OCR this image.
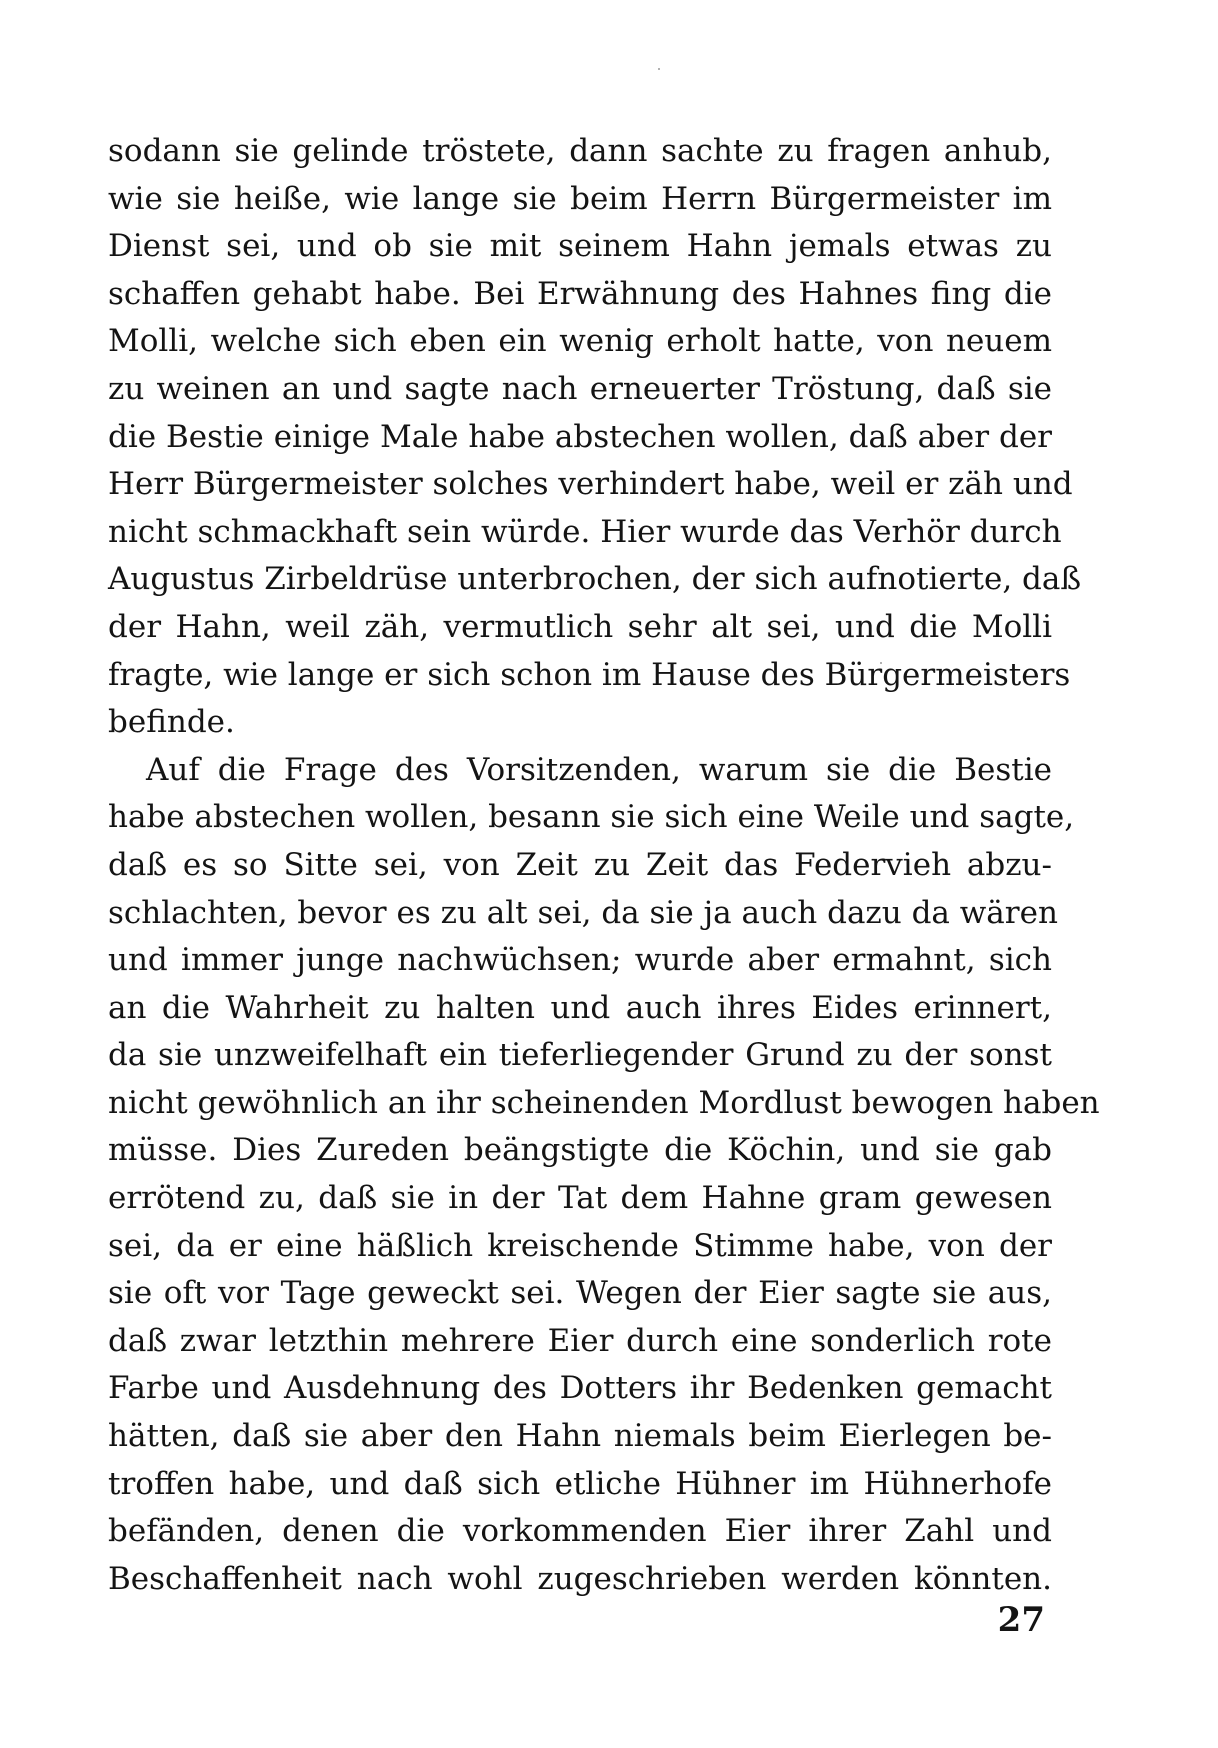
sodann sie gelinde tröstete, dann sachte zu fragen anhub,
wie sie heiße, wie lange sie beim Herrn Bürgermeister im
Dienst sei, und ob sie mit seinem Hahn jemals etwas zu
schaffen gehabt habe. Bei Erwähnung des Hahnes fing die
Molli, welche sich eben ein wenig erholt hatte, von neuem
zu weinen an und sagte nach erneuerter Tröstung, daß sie
die Bestie einige Male habe abstechen wollen, daß aber der
Herr Bürgermeister solches verhindert habe, weil er zäh und
nicht schmackhaft sein würde. Hier wurde das Verhör durch
Augustus Zirbeldrüse unterbrochen, der sich aufnotierte, daß
der Hahn, weil zäh, vermutlich sehr alt sei, und die Molli
fragte, wie lange er sich schon im Hause des Bürgermeisters
befinde.
Auf die Frage des Vorsitzenden, warum sie die Bestie
habe abstechen wollen, besann sie sich eine Weile und sagte,
daß es so Sitte sei, von Zeit zu Zeit das Federvieh abzu-
schlachten, bevor es zu alt sei, da sie ja auch dazu da wären
und immer junge nachwüchsen; wurde aber ermahnt, sich
an die Wahrheit zu halten und auch ihres Eides erinnert,
da sie unzweifelhaft ein tieferliegender Grund zu der sonst
nicht gewöhnlich an ihr scheinenden Mordlust bewogen haben
müsse. Dies Zureden beängstigte die Köchin, und sie gab
errötend zu, daß sie in der Tat dem Hahne gram gewesen
sei, da er eine häßlich kreischende Stimme habe, von der
sie oft vor Tage geweckt sei. Wegen der Eier sagte sie aus,
daß zwar letzthin mehrere Eier durch eine sonderlich rote
Farbe und Ausdehnung des Dotters ihr Bedenken gemacht
hätten, daß sie aber den Hahn niemals beim Eierlegen be-
troffen habe, und daß sich etliche Hühner im Hühnerhofe
befänden, denen die vorkommenden Eier ihrer Zahl und
Beschaffenheit nach wohl zugeschrieben werden könnten.
27
